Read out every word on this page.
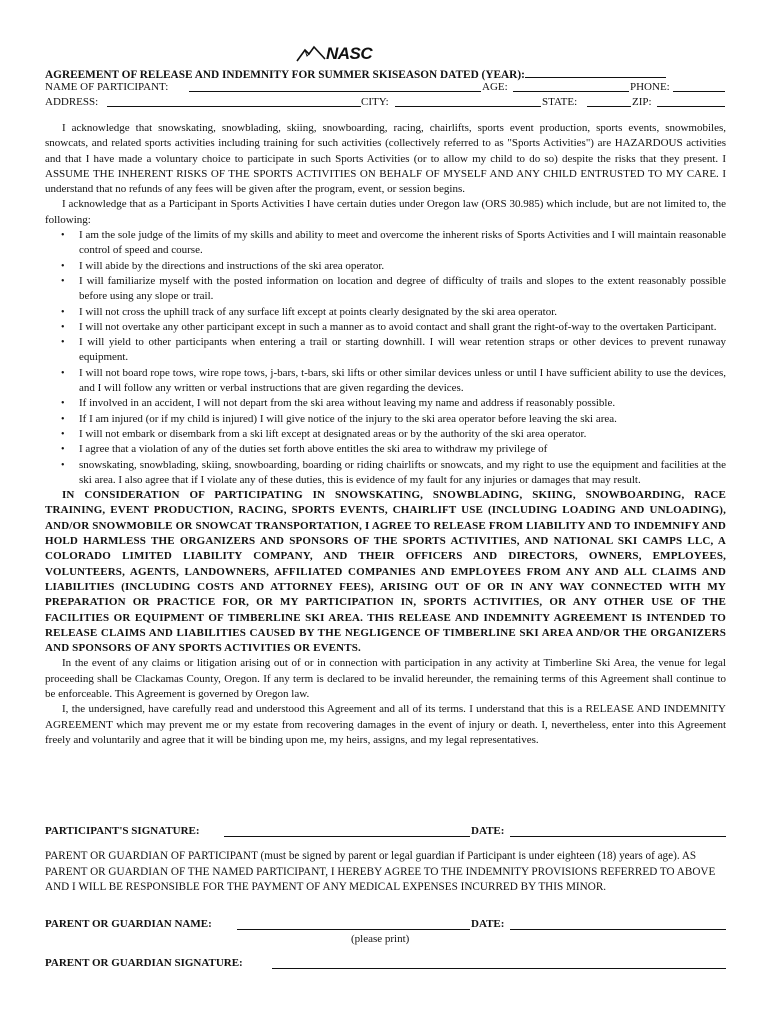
NASC
AGREEMENT OF RELEASE AND INDEMNITY FOR SUMMER SKISEASON DATED (YEAR):
NAME OF PARTICIPANT:	AGE:	PHONE:
ADDRESS:	CITY:	STATE:	ZIP:

I acknowledge that snowskating, snowblading, skiing, snowboarding, racing, chairlifts, sports event production, sports events, snowmobiles, snowcats, and related sports activities including training for such activities (collectively referred to as "Sports Activities") are HAZARDOUS activities and that I have made a voluntary choice to participate in such Sports Activities (or to allow my child to do so) despite the risks that they present. I ASSUME THE INHERENT RISKS OF THE SPORTS ACTIVITIES ON BEHALF OF MYSELF AND ANY CHILD ENTRUSTED TO MY CARE. I understand that no refunds of any fees will be given after the program, event, or session begins.

I acknowledge that as a Participant in Sports Activities I have certain duties under Oregon law (ORS 30.985) which include, but are not limited to, the following:

• I am the sole judge of the limits of my skills and ability to meet and overcome the inherent risks of Sports Activities and I will maintain reasonable control of speed and course.
• I will abide by the directions and instructions of the ski area operator.
• I will familiarize myself with the posted information on location and degree of difficulty of trails and slopes to the extent reasonably possible before using any slope or trail.
• I will not cross the uphill track of any surface lift except at points clearly designated by the ski area operator.
• I will not overtake any other participant except in such a manner as to avoid contact and shall grant the right-of-way to the overtaken Participant.
• I will yield to other participants when entering a trail or starting downhill. I will wear retention straps or other devices to prevent runaway equipment.
• I will not board rope tows, wire rope tows, j-bars, t-bars, ski lifts or other similar devices unless or until I have sufficient ability to use the devices, and I will follow any written or verbal instructions that are given regarding the devices.
• If involved in an accident, I will not depart from the ski area without leaving my name and address if reasonably possible.
• If I am injured (or if my child is injured) I will give notice of the injury to the ski area operator before leaving the ski area.
• I will not embark or disembark from a ski lift except at designated areas or by the authority of the ski area operator.
• I agree that a violation of any of the duties set forth above entitles the ski area to withdraw my privilege of
• snowskating, snowblading, skiing, snowboarding, boarding or riding chairlifts or snowcats, and my right to use the equipment and facilities at the ski area. I also agree that if I violate any of these duties, this is evidence of my fault for any injuries or damages that may result.

IN CONSIDERATION OF PARTICIPATING IN SNOWSKATING, SNOWBLADING, SKIING, SNOWBOARDING, RACE TRAINING, EVENT PRODUCTION, RACING, SPORTS EVENTS, CHAIRLIFT USE (INCLUDING LOADING AND UNLOADING), AND/OR SNOWMOBILE OR SNOWCAT TRANSPORTATION, I AGREE TO RELEASE FROM LIABILITY AND TO INDEMNIFY AND HOLD HARMLESS THE ORGANIZERS AND SPONSORS OF THE SPORTS ACTIVITIES, AND NATIONAL SKI CAMPS LLC, A COLORADO LIMITED LIABILITY COMPANY, AND THEIR OFFICERS AND DIRECTORS, OWNERS, EMPLOYEES, VOLUNTEERS, AGENTS, LANDOWNERS, AFFILIATED COMPANIES AND EMPLOYEES FROM ANY AND ALL CLAIMS AND LIABILITIES (INCLUDING COSTS AND ATTORNEY FEES), ARISING OUT OF OR IN ANY WAY CONNECTED WITH MY PREPARATION OR PRACTICE FOR, OR MY PARTICIPATION IN, SPORTS ACTIVITIES, OR ANY OTHER USE OF THE FACILITIES OR EQUIPMENT OF TIMBERLINE SKI AREA. THIS RELEASE AND INDEMNITY AGREEMENT IS INTENDED TO RELEASE CLAIMS AND LIABILITIES CAUSED BY THE NEGLIGENCE OF TIMBERLINE SKI AREA AND/OR THE ORGANIZERS AND SPONSORS OF ANY SPORTS ACTIVITIES OR EVENTS.

In the event of any claims or litigation arising out of or in connection with participation in any activity at Timberline Ski Area, the venue for legal proceeding shall be Clackamas County, Oregon. If any term is declared to be invalid hereunder, the remaining terms of this Agreement shall continue to be enforceable. This Agreement is governed by Oregon law.

I, the undersigned, have carefully read and understood this Agreement and all of its terms. I understand that this is a RELEASE AND INDEMNITY AGREEMENT which may prevent me or my estate from recovering damages in the event of injury or death. I, nevertheless, enter into this Agreement freely and voluntarily and agree that it will be binding upon me, my heirs, assigns, and my legal representatives.

PARTICIPANT'S SIGNATURE:	DATE:
PARENT OR GUARDIAN OF PARTICIPANT (must be signed by parent or legal guardian if Participant is under eighteen (18) years of age). AS PARENT OR GUARDIAN OF THE NAMED PARTICIPANT, I HEREBY AGREE TO THE INDEMNITY PROVISIONS REFERRED TO ABOVE AND I WILL BE RESPONSIBLE FOR THE PAYMENT OF ANY MEDICAL EXPENSES INCURRED BY THIS MINOR.
PARENT OR GUARDIAN NAME:	DATE:
(please print)
PARENT OR GUARDIAN SIGNATURE:
